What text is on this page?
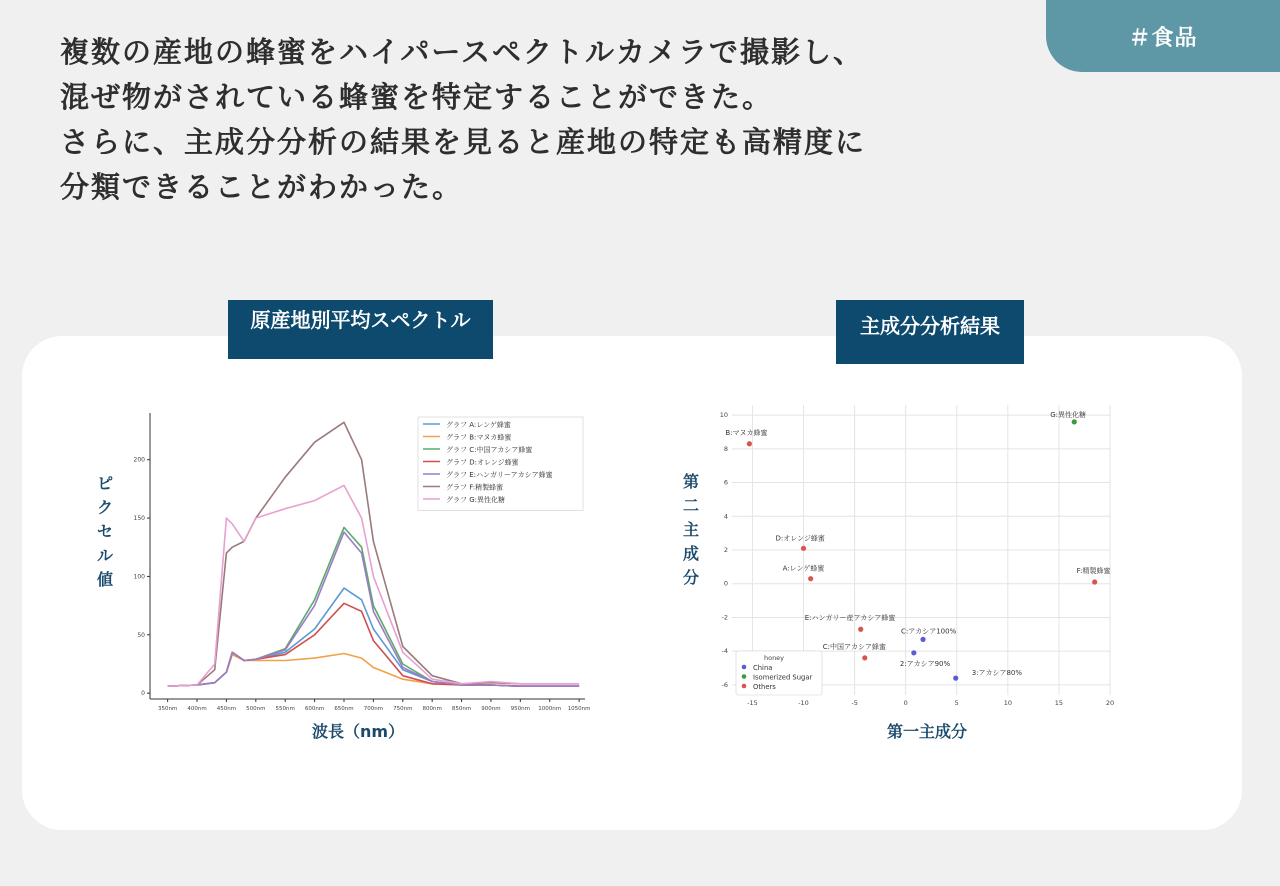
＃食品
複数の産地の蜂蜜をハイパースペクトルカメラで撮影し、
混ぜ物がされている蜂蜜を特定することができた。
さらに、主成分分析の結果を見ると産地の特定も高精度に
分類できることがわかった。
原産地別平均スペクトル
ピクセル値
波長（nm）
0
50
100
150
200
350nm 400nm 450nm 500nm 550nm 600nm 650nm 700nm 750nm 800nm 850nm 900nm 950nm 1000nm 1050nm
グラフ A:レンゲ蜂蜜
グラフ B:マヌカ蜂蜜
グラフ C:中国アカシア蜂蜜
グラフ D:オレンジ蜂蜜
グラフ E:ハンガリーアカシア蜂蜜
グラフ F:精製蜂蜜
グラフ G:異性化糖
主成分分析結果
第二主成分
第一主成分
-15	-10	-5	0	5	10	15	20
-6
-4
-2
0
2
4
6
8
10	G:異性化糖
B:マヌカ蜂蜜
D:オレンジ蜂蜜
A:レンゲ蜂蜜	F:精製蜂蜜
E:ハンガリー産アカシア蜂蜜
C:アカシア100%
C:中国アカシア蜂蜜
2:アカシア90%
3:アカシア80%
honey
China
Isomerized Sugar
Others
